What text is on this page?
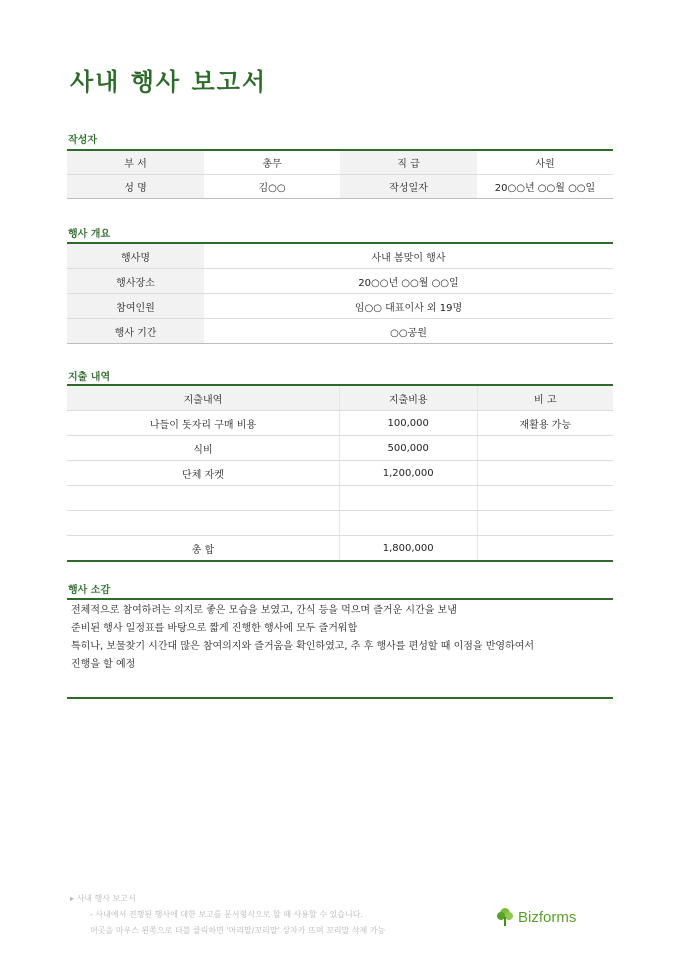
사내 행사 보고서
작성자
부 서	총무	직 급	사원
성 명	김○○	작성일자	20○○년 ○○월 ○○일
행사 개요
행사명	사내 봄맞이 행사
행사장소	20○○년 ○○월 ○○일
참여인원	임○○ 대표이사 외 19명
행사 기간	○○공원
지출 내역
지출내역	지출비용	비 고
나들이 돗자리 구매 비용	100,000	재활용 가능
식비	500,000	
단체 자켓	1,200,000	

총 합	1,800,000	
행사 소감
전체적으로 참여하려는 의지로 좋은 모습을 보였고, 간식 등을 먹으며 즐거운 시간을 보냄
준비된 행사 일정표를 바탕으로 짧게 진행한 행사에 모두 즐거워함
특히나, 보물찾기 시간대 많은 참여의지와 즐거움을 확인하였고, 추 후 행사를 편성할 때 이점을 반영하여서
진행을 할 예정
▸ 사내 행사 보고서
- 사내에서 진행된 행사에 대한 보고를 문서형식으로 할 때 사용할 수 있습니다.
머곳을 마우스 왼쪽으로 더블 클릭하면 '머리말/꼬리말' 상자가 뜨며 꼬리말 삭제 가능
Bizforms
